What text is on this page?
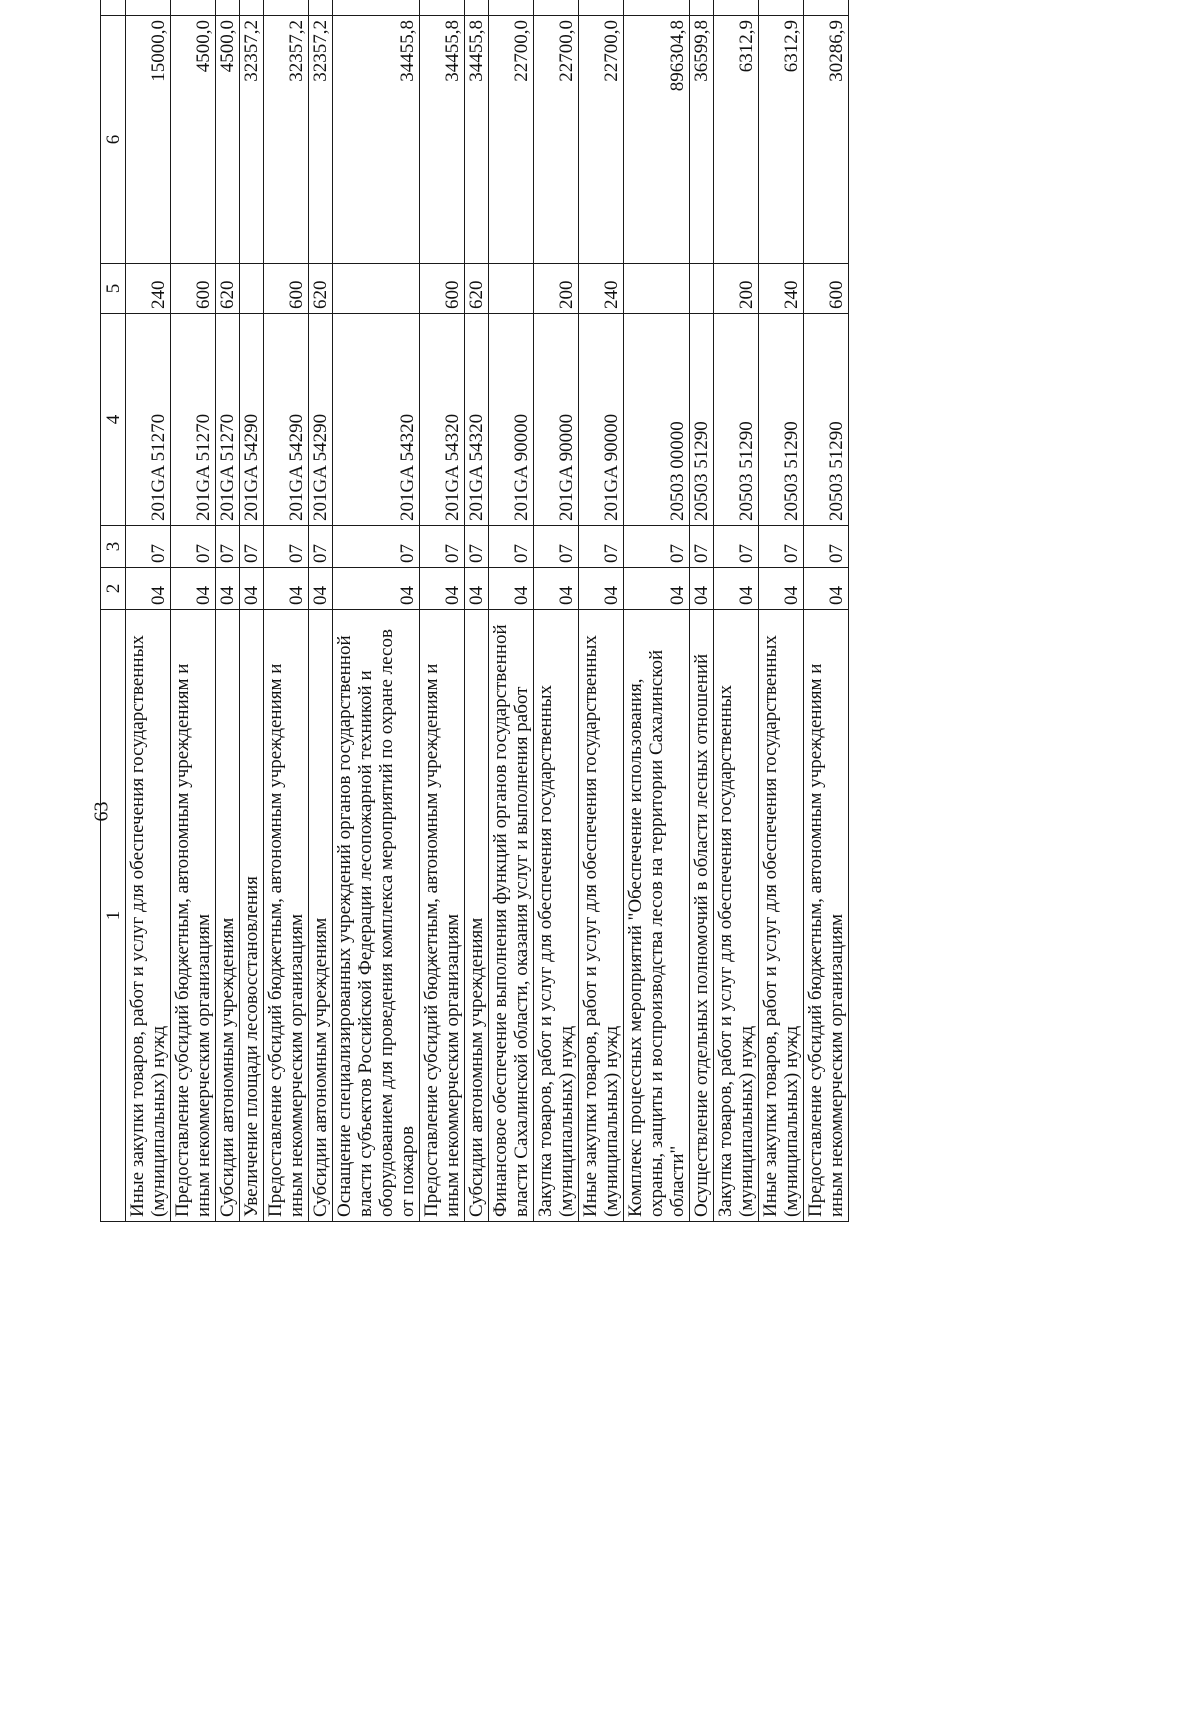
63
1	2	3	4	5	6		
Иные закупки товаров, работ и услуг для обеспечения государственных (муниципальных) нужд	04	07	201GA 51270	240	15000,0		
Предоставление субсидий бюджетным, автономным учреждениям и иным некоммерческим организациям	04	07	201GA 51270	600	4500,0		
Субсидии автономным учреждениям	04	07	201GA 51270	620	4500,0		
Увеличение площади лесовосстановления	04	07	201GA 54290		32357,2		
Предоставление субсидий бюджетным, автономным учреждениям и иным некоммерческим организациям	04	07	201GA 54290	600	32357,2		
Субсидии автономным учреждениям	04	07	201GA 54290	620	32357,2		
Оснащение специализированных учреждений органов государственной власти субъектов Российской Федерации лесопожарной техникой и оборудованием для проведения комплекса мероприятий по охране лесов от пожаров	04	07	201GA 54320		34455,8		
Предоставление субсидий бюджетным, автономным учреждениям и иным некоммерческим организациям	04	07	201GA 54320	600	34455,8		
Субсидии автономным учреждениям	04	07	201GA 54320	620	34455,8		
Финансовое обеспечение выполнения функций органов государственной власти Сахалинской области, оказания услуг и выполнения работ	04	07	201GA 90000		22700,0		
Закупка товаров, работ и услуг для обеспечения государственных (муниципальных) нужд	04	07	201GA 90000	200	22700,0		
Иные закупки товаров, работ и услуг для обеспечения государственных (муниципальных) нужд	04	07	201GA 90000	240	22700,0		
Комплекс процессных мероприятий "Обеспечение использования, охраны, защиты и воспроизводства лесов на территории Сахалинской области"	04	07	20503 00000		896304,8		
Осуществление отдельных полномочий в области лесных отношений	04	07	20503 51290		36599,8		
Закупка товаров, работ и услуг для обеспечения государственных (муниципальных) нужд	04	07	20503 51290	200	6312,9		
Иные закупки товаров, работ и услуг для обеспечения государственных (муниципальных) нужд	04	07	20503 51290	240	6312,9		
Предоставление субсидий бюджетным, автономным учреждениям и иным некоммерческим организациям	04	07	20503 51290	600	30286,9		
